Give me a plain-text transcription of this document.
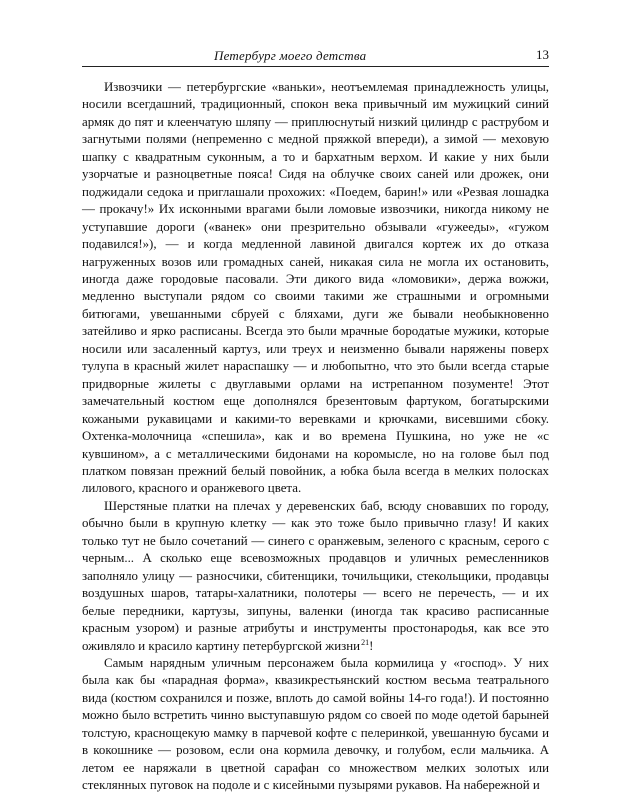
Петербург моего детства	13

Извозчики — петербургские «ваньки», неотъемлемая принадлежность улицы, носили всегдашний, традиционный, спокон века привычный им мужицкий синий армяк до пят и клеенчатую шляпу — приплюснутый низкий цилиндр с раструбом и загнутыми полями (непременно с медной пряжкой впереди), а зимой — меховую шапку с квадратным суконным, а то и бархатным верхом. И какие у них были узорчатые и разноцветные пояса! Сидя на облучке своих саней или дрожек, они поджидали седока и приглашали прохожих: «Поедем, барин!» или «Резвая лошадка — прокачу!» Их исконными врагами были ломовые извозчики, никогда никому не уступавшие дороги («ванек» они презрительно обзывали «гужееды», «гужом подавился!»), — и когда медленной лавиной двигался кортеж их до отказа нагруженных возов или громадных саней, никакая сила не могла их остановить, иногда даже городовые пасовали. Эти дикого вида «ломовики», держа вожжи, медленно выступали рядом со своими такими же страшными и огромными битюгами, увешанными сбруей с бляхами, дуги же бывали необыкновенно затейливо и ярко расписаны. Всегда это были мрачные бородатые мужики, которые носили или засаленный картуз, или треух и неизменно бывали наряжены поверх тулупа в красный жилет нараспашку — и любопытно, что это были всегда старые придворные жилеты с двуглавыми орлами на истрепанном позументе! Этот замечательный костюм еще дополнялся брезентовым фартуком, богатырскими кожаными рукавицами и какими-то веревками и крючками, висевшими сбоку. Охтенка-молочница «спешила», как и во времена Пушкина, но уже не «с кувшином», а с металлическими бидонами на коромысле, но на голове был под платком повязан прежний белый повойник, а юбка была всегда в мелких полосках лилового, красного и оранжевого цвета.

Шерстяные платки на плечах у деревенских баб, всюду сновавших по городу, обычно были в крупную клетку — как это тоже было привычно глазу! И каких только тут не было сочетаний — синего с оранжевым, зеленого с красным, серого с черным... А сколько еще всевозможных продавцов и уличных ремесленников заполняло улицу — разносчики, сбитенщики, точильщики, стекольщики, продавцы воздушных шаров, татары-халатники, полотеры — всего не перечесть, — и их белые передники, картузы, зипуны, валенки (иногда так красиво расписанные красным узором) и разные атрибуты и инструменты простонародья, как все это оживляло и красило картину петербургской жизни $^{21}$!

Самым нарядным уличным персонажем была кормилица у «господ». У них была как бы «парадная форма», квазикрестьянский костюм весьма театрального вида (костюм сохранился и позже, вплоть до самой войны 14-го года!). И постоянно можно было встретить чинно выступавшую рядом со своей по моде одетой барыней толстую, краснощекую мамку в парчевой кофте с пелеринкой, увешанную бусами и в кокошнике — розовом, если она кормила девочку, и голубом, если мальчика. А летом ее наряжали в цветной сарафан со множеством мелких золотых или стеклянных пуговок на подоле и с кисейными пузырями рукавов. На набережной и
